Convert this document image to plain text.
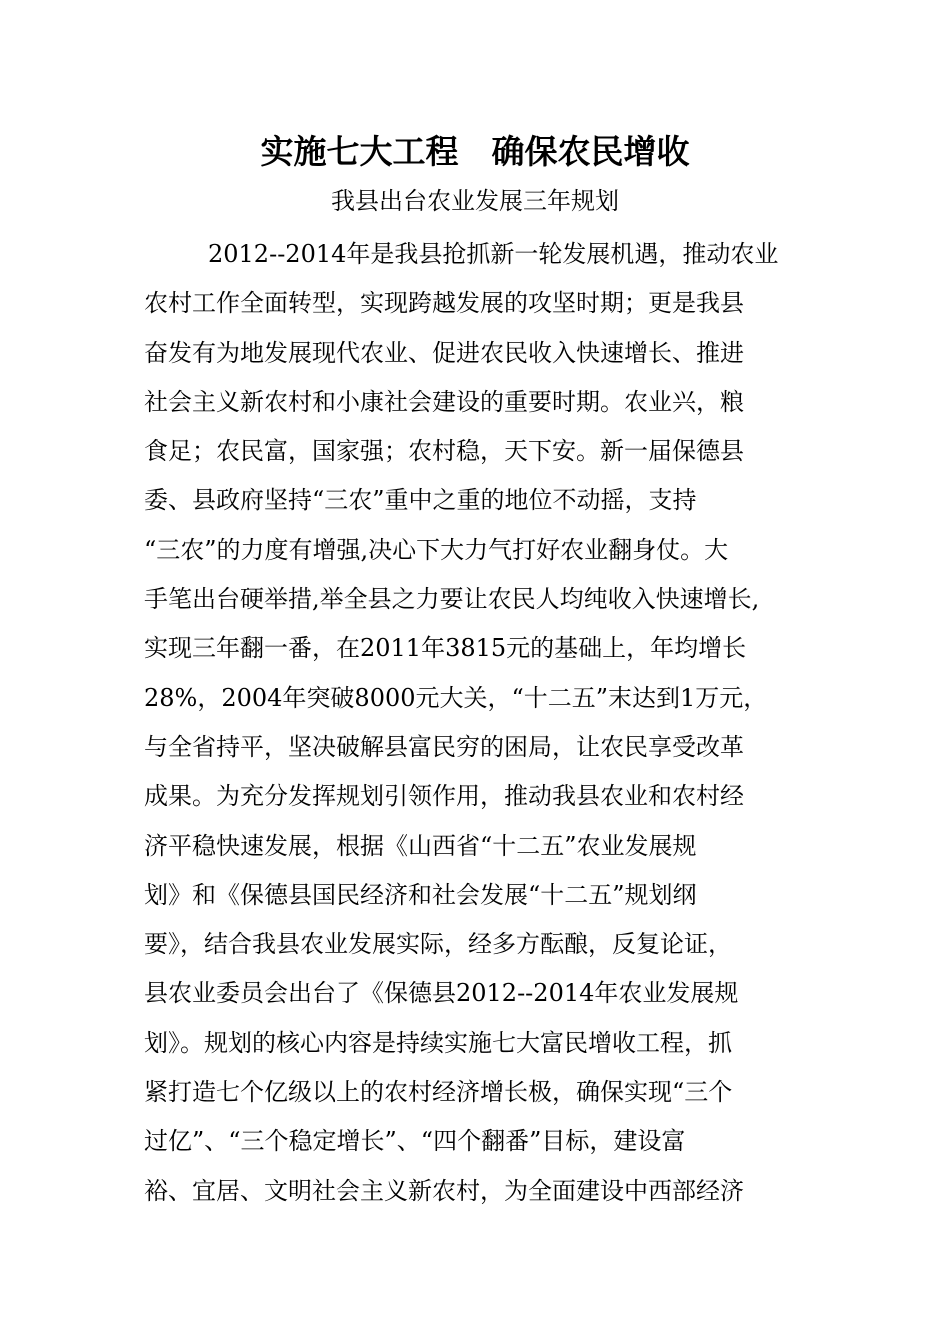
实施七大工程　确保农民增收

我县出台农业发展三年规划

2012--2014年是我县抢抓新一轮发展机遇，推动农业
农村工作全面转型，实现跨越发展的攻坚时期；更是我县
奋发有为地发展现代农业、促进农民收入快速增长、推进
社会主义新农村和小康社会建设的重要时期。农业兴，粮
食足；农民富，国家强；农村稳，天下安。新一届保德县
委、县政府坚持“三农”重中之重的地位不动摇，支持
“三农”的力度有增强,决心下大力气打好农业翻身仗。大
手笔出台硬举措,举全县之力要让农民人均纯收入快速增长,
实现三年翻一番，在2011年3815元的基础上，年均增长
28%，2004年突破8000元大关，“十二五”末达到1万元，
与全省持平，坚决破解县富民穷的困局，让农民享受改革
成果。为充分发挥规划引领作用，推动我县农业和农村经
济平稳快速发展，根据《山西省“十二五”农业发展规
划》和《保德县国民经济和社会发展“十二五”规划纲
要》，结合我县农业发展实际，经多方酝酿，反复论证，
县农业委员会出台了《保德县2012--2014年农业发展规
划》。规划的核心内容是持续实施七大富民增收工程，抓
紧打造七个亿级以上的农村经济增长极，确保实现“三个
过亿”、“三个稳定增长”、“四个翻番”目标，建设富
裕、宜居、文明社会主义新农村，为全面建设中西部经济
